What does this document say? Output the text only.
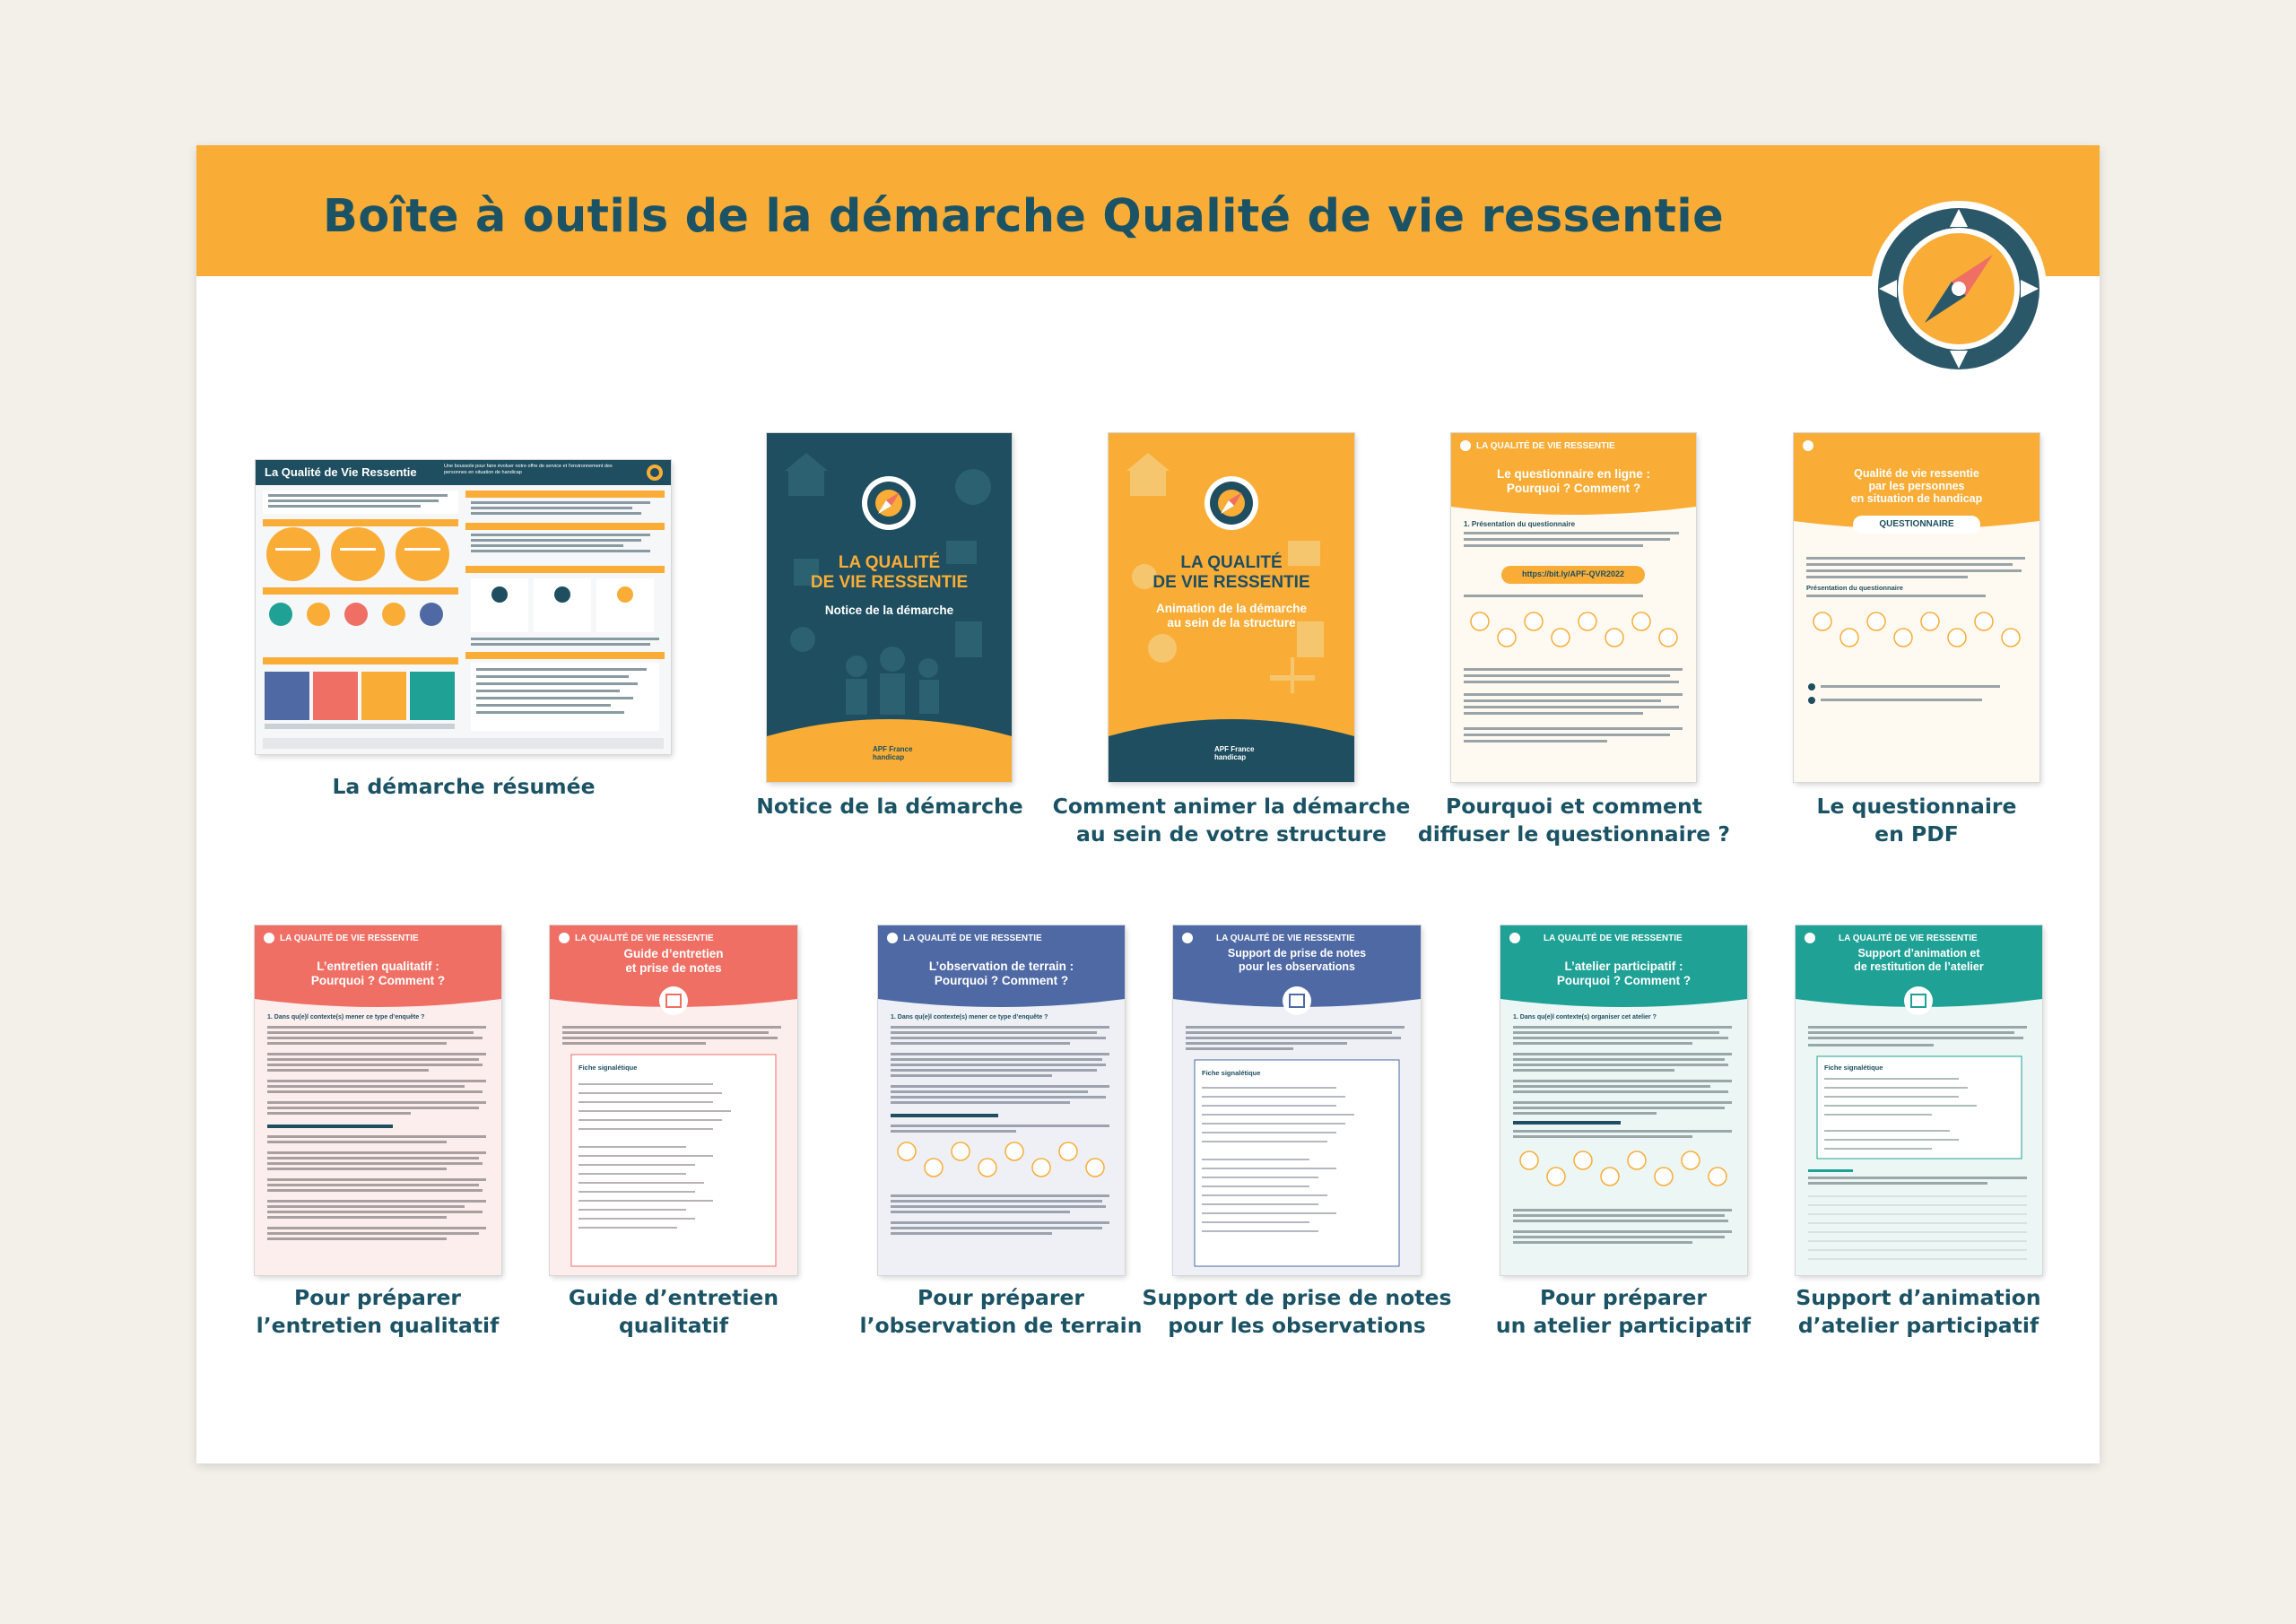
Boîte à outils de la démarche Qualité de vie ressentie
La Qualité de Vie Ressentie	Une boussole pour faire évoluer notre offre de service et l'environnement des personnes en situation de handicap
La démarche résumée
LA QUALITÉ
DE VIE RESSENTIE
Notice de la démarche
APF France handicap
Notice de la démarche
LA QUALITÉ
DE VIE RESSENTIE
Animation de la démarche
au sein de la structure
APF France handicap
Comment animer la démarche
au sein de votre structure
LA QUALITÉ DE VIE RESSENTIE
Le questionnaire en ligne :
Pourquoi ? Comment ?
1. Présentation du questionnaire
https://bit.ly/APF-QVR2022
Pourquoi et comment
diffuser le questionnaire ?
Qualité de vie ressentie
par les personnes
en situation de handicap
QUESTIONNAIRE
Présentation du questionnaire
Le questionnaire
en PDF
LA QUALITÉ DE VIE RESSENTIE
L’entretien qualitatif :
Pourquoi ? Comment ?
1. Dans qu(e)l contexte(s) mener ce type d’enquête ?
Pour préparer
l’entretien qualitatif
LA QUALITÉ DE VIE RESSENTIE
Guide d’entretien
et prise de notes
Fiche signalétique
Guide d’entretien
qualitatif
LA QUALITÉ DE VIE RESSENTIE
L’observation de terrain :
Pourquoi ? Comment ?
1. Dans qu(e)l contexte(s) mener ce type d’enquête ?
Pour préparer
l’observation de terrain
LA QUALITÉ DE VIE RESSENTIE
Support de prise de notes
pour les observations
Fiche signalétique
Support de prise de notes
pour les observations
LA QUALITÉ DE VIE RESSENTIE
L’atelier participatif :
Pourquoi ? Comment ?
1. Dans qu(e)l contexte(s) organiser cet atelier ?
Pour préparer
un atelier participatif
LA QUALITÉ DE VIE RESSENTIE
Support d’animation et
de restitution de l’atelier
Fiche signalétique
Support d’animation
d’atelier participatif
